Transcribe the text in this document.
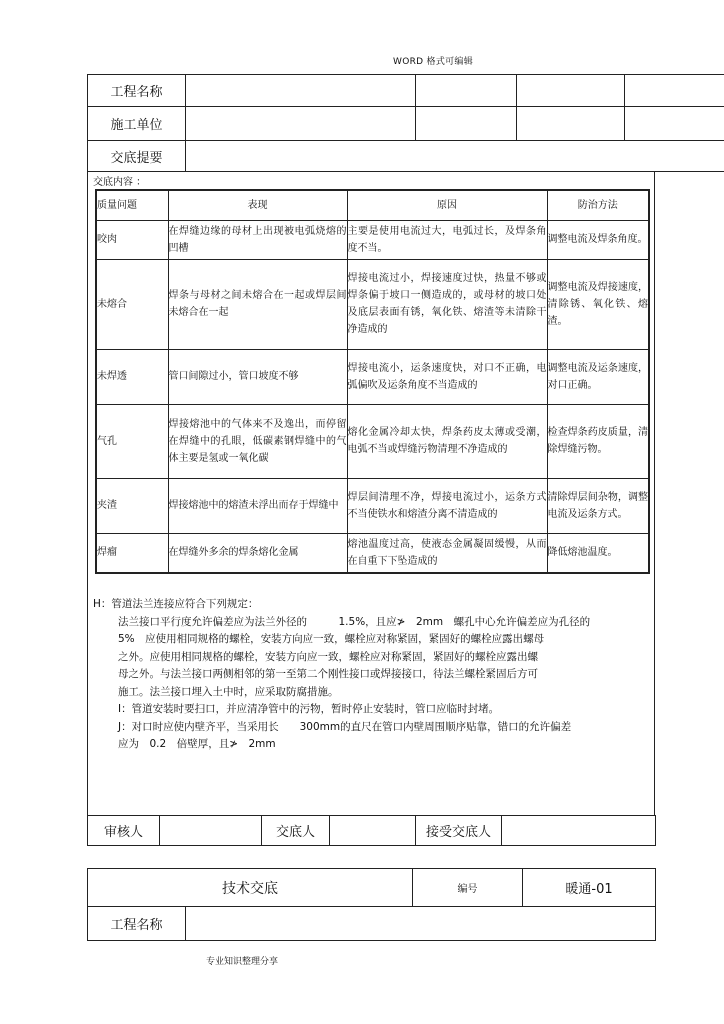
WORD 格式可编辑
工程名称				
施工单位				
交底提要				
交底内容 ：
质量问题	表现	原因	防治方法
咬肉	在焊缝边缘的母材上出现被电弧烧熔的凹槽	主要是使用电流过大，电弧过长，及焊条角度不当。	调整电流及焊条角度。
未熔合	焊条与母材之间未熔合在一起或焊层间未熔合在一起	焊接电流过小，焊接速度过快，热量不够或焊条偏于坡口一侧造成的，或母材的坡口处及底层表面有锈，氧化铁、熔渣等未清除干净造成的	调整电流及焊接速度，清除锈、氧化铁、熔渣。
未焊透	管口间隙过小，管口坡度不够	焊接电流小，运条速度快，对口不正确，电弧偏吹及运条角度不当造成的	调整电流及运条速度，对口正确。
气孔	焊接熔池中的气体来不及逸出，而停留在焊缝中的孔眼，低碳素钢焊缝中的气体主要是氢或一氧化碳	熔化金属冷却太快，焊条药皮太薄或受潮，电弧不当或焊缝污物清理不净造成的	检查焊条药皮质量，清除焊缝污物。
夹渣	焊接熔池中的熔渣未浮出而存于焊缝中	焊层间清理不净，焊接电流过小，运条方式不当使铁水和熔渣分离不清造成的	清除焊层间杂物，调整电流及运条方式。
焊瘤	在焊缝外多余的焊条熔化金属	熔池温度过高，使液态金属凝固缓慢，从而在自重下下坠造成的	降低熔池温度。

H：管道法兰连接应符合下列规定：

法兰接口平行度允许偏差应为法兰外径的　　　1.5%，且应≯　2mm　螺孔中心允许偏差应为孔径的

5%　应使用相同规格的螺栓，安装方向应一致，螺栓应对称紧固，紧固好的螺栓应露出螺母

之外。应使用相同规格的螺栓，安装方向应一致，螺栓应对称紧固，紧固好的螺栓应露出螺

母之外。与法兰接口两侧相邻的第一至第二个刚性接口或焊接接口，待法兰螺栓紧固后方可

施工。法兰接口埋入土中时，应采取防腐措施。

I：管道安装时要扫口，并应清净管中的污物，暂时停止安装时，管口应临时封堵。

J：对口时应使内壁齐平，当采用长　　300mm的直尺在管口内壁周围顺序贴靠，错口的允许偏差

应为　0.2　倍壁厚，且≯　2mm

审核人		交底人		接受交底人	
技术交底		编号	暖通-01
工程名称			
专业知识整理分享
